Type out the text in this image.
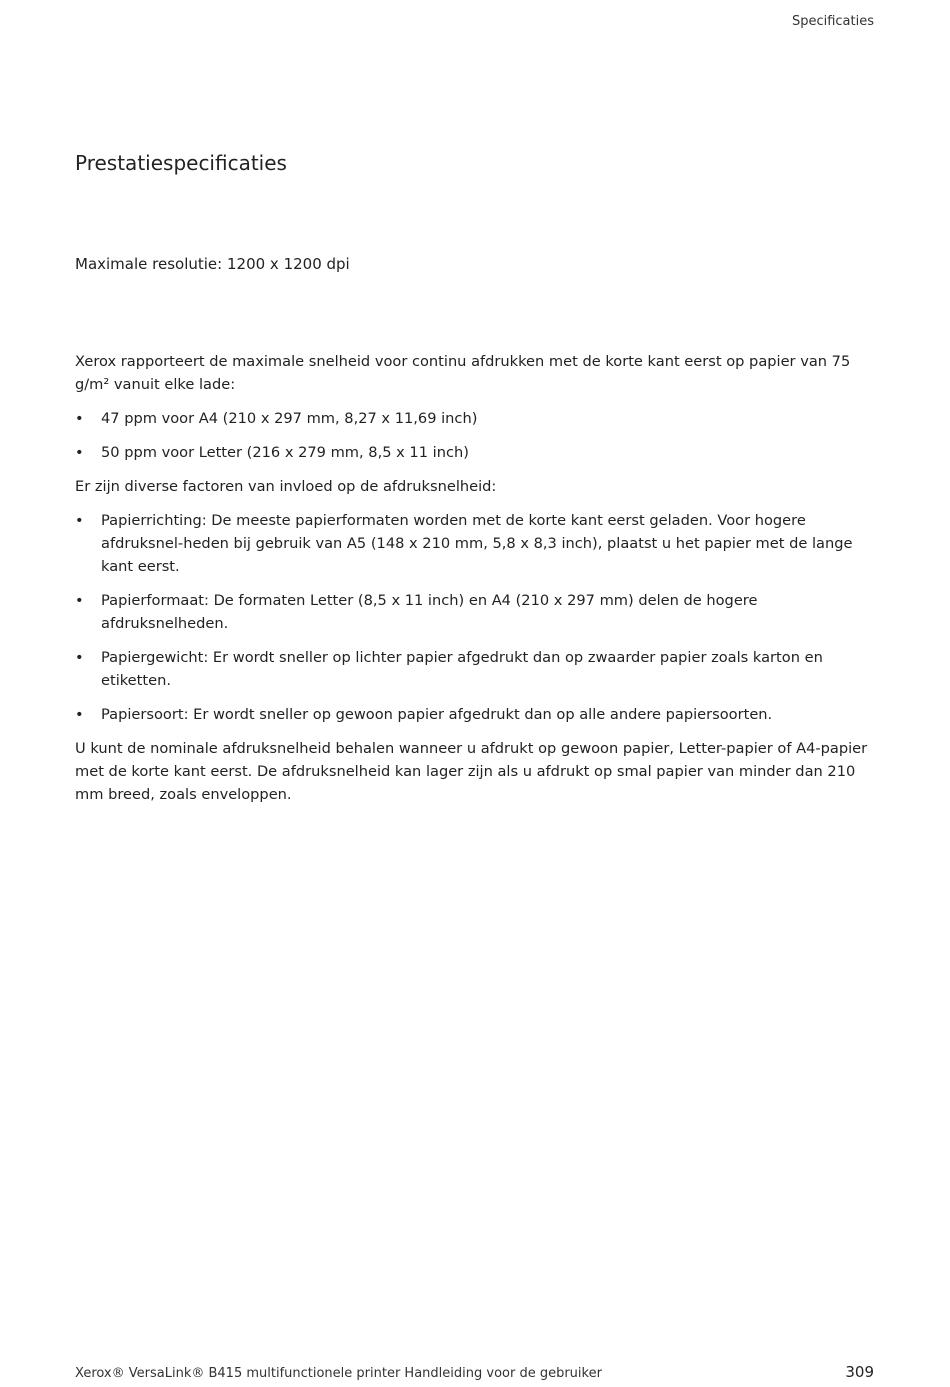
Specificaties
Prestatiespecificaties

Maximale resolutie: 1200 x 1200 dpi

Xerox rapporteert de maximale snelheid voor continu afdrukken met de korte kant eerst op papier van 75 g/m² vanuit elke lade:

• 47 ppm voor A4 (210 x 297 mm, 8,27 x 11,69 inch)
• 50 ppm voor Letter (216 x 279 mm, 8,5 x 11 inch)

Er zijn diverse factoren van invloed op de afdruksnelheid:

• Papierrichting: De meeste papierformaten worden met de korte kant eerst geladen. Voor hogere afdruksnel-heden bij gebruik van A5 (148 x 210 mm, 5,8 x 8,3 inch), plaatst u het papier met de lange kant eerst.
• Papierformaat: De formaten Letter (8,5 x 11 inch) en A4 (210 x 297 mm) delen de hogere afdruksnelheden.
• Papiergewicht: Er wordt sneller op lichter papier afgedrukt dan op zwaarder papier zoals karton en etiketten.
• Papiersoort: Er wordt sneller op gewoon papier afgedrukt dan op alle andere papiersoorten.

U kunt de nominale afdruksnelheid behalen wanneer u afdrukt op gewoon papier, Letter-papier of A4-papier met de korte kant eerst. De afdruksnelheid kan lager zijn als u afdrukt op smal papier van minder dan 210 mm breed, zoals enveloppen.

Xerox® VersaLink® B415 multifunctionele printer Handleiding voor de gebruiker	309
